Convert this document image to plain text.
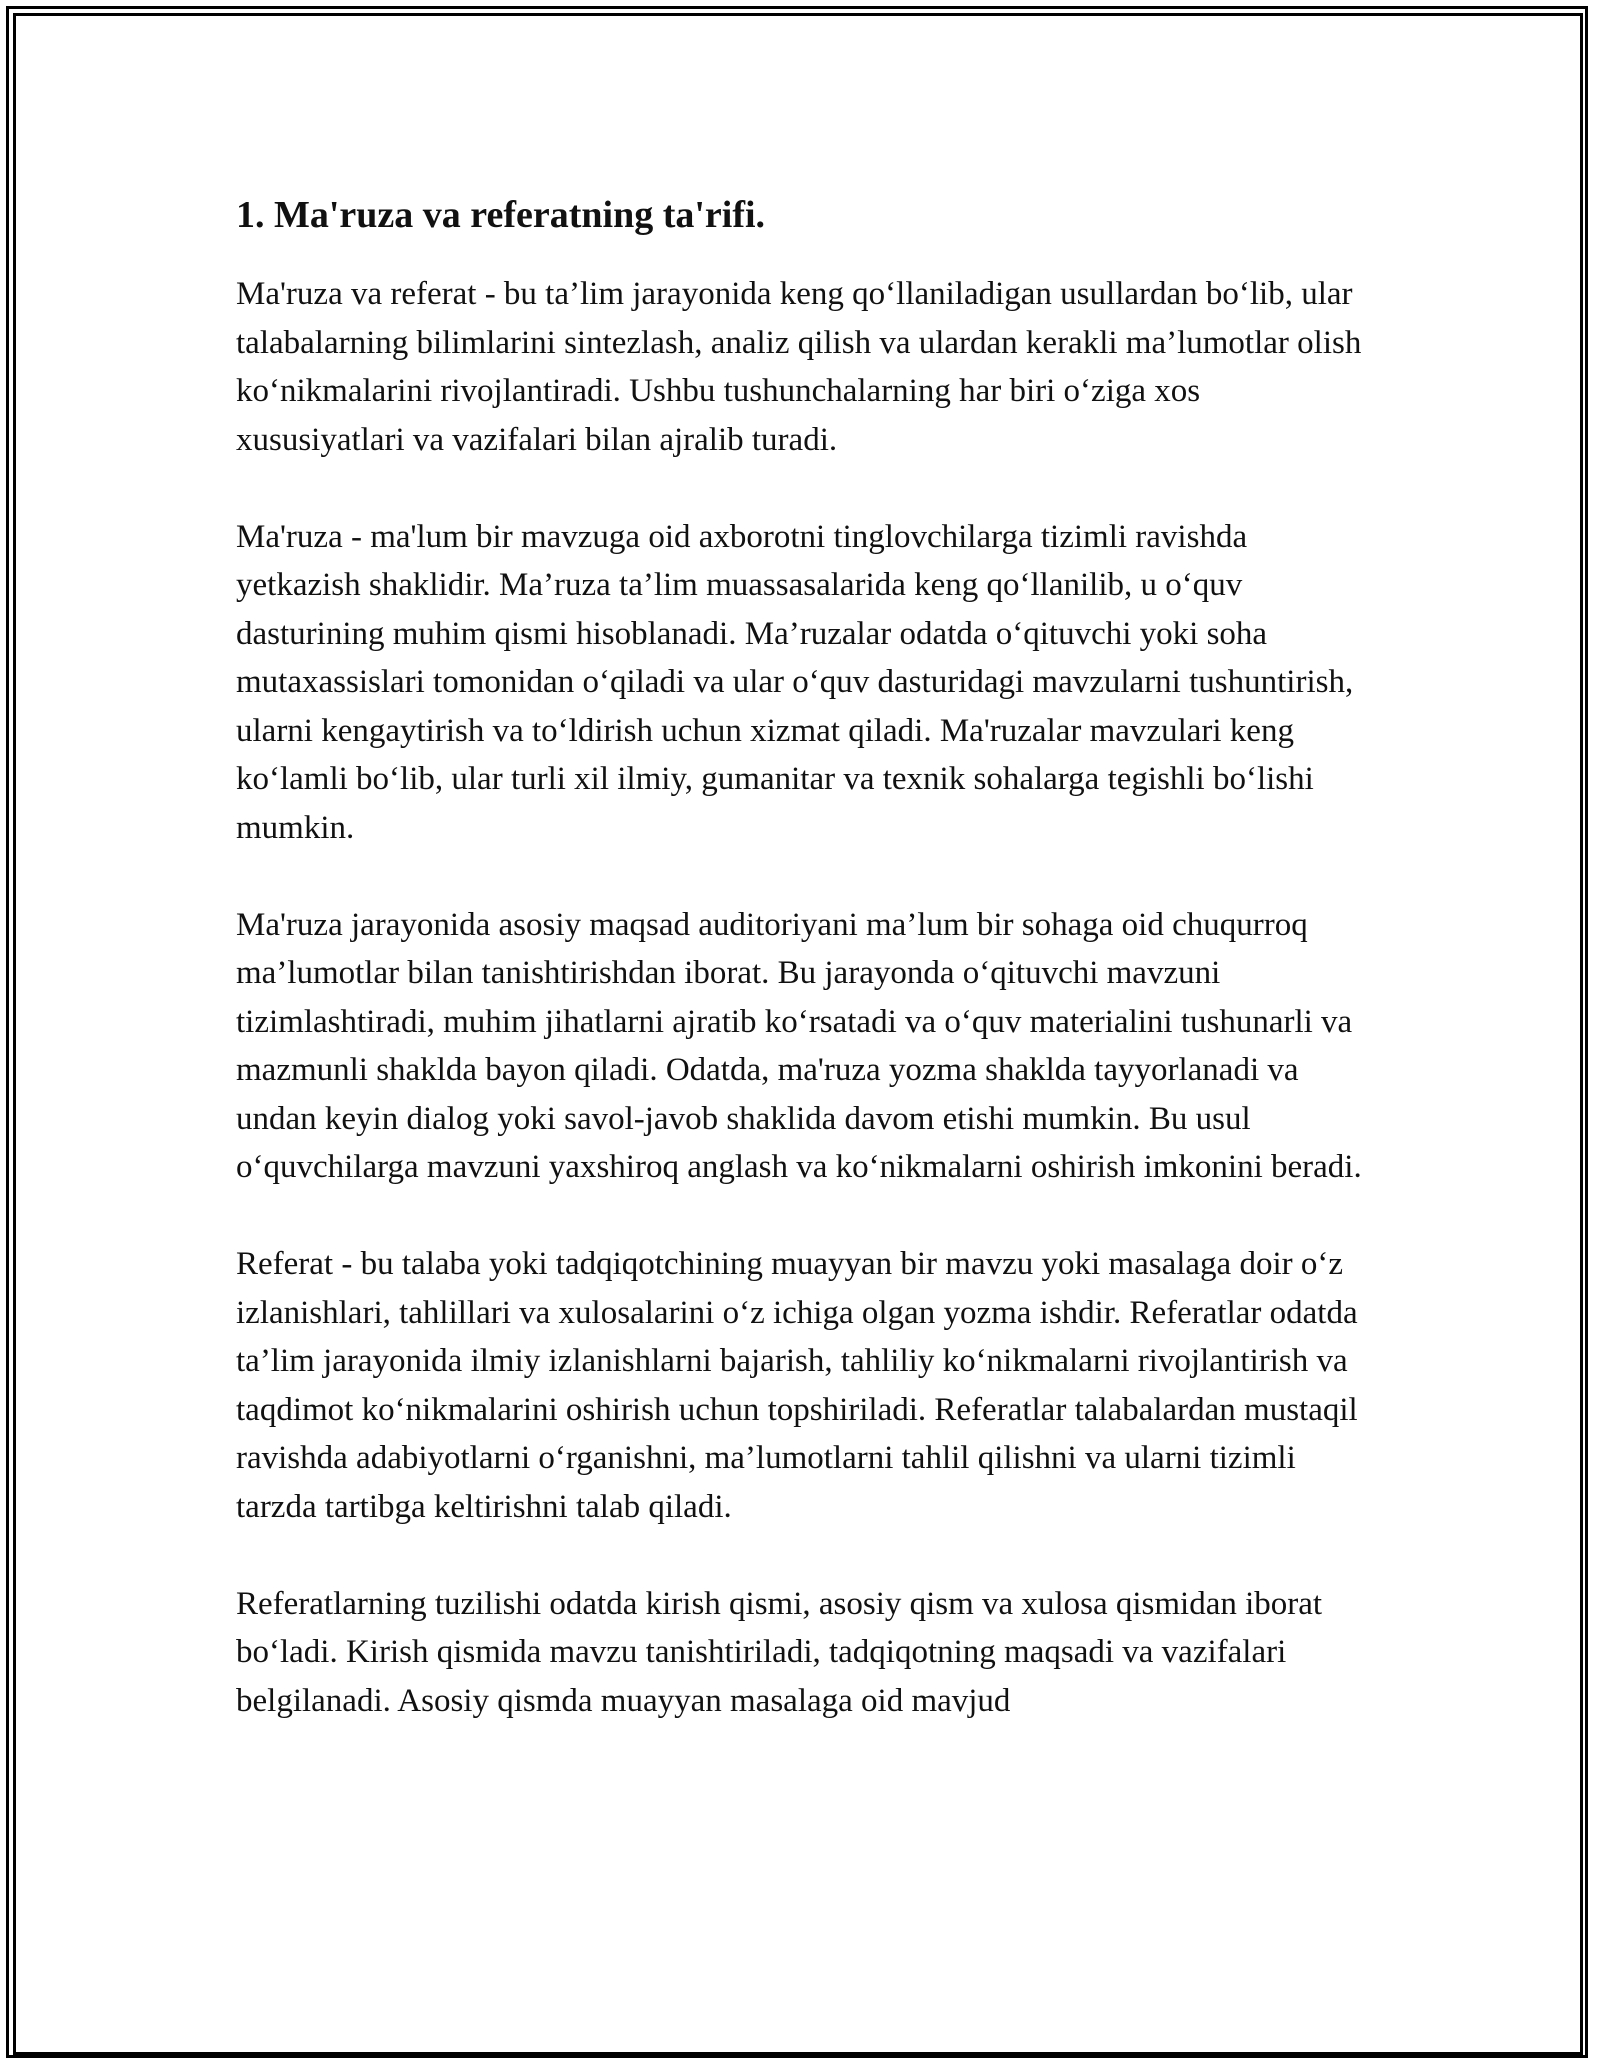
1. Ma'ruza va referatning ta'rifi.

Ma'ruza va referat - bu ta’lim jarayonida keng qo‘llaniladigan usullardan bo‘lib, ular talabalarning bilimlarini sintezlash, analiz qilish va ulardan kerakli ma’lumotlar olish ko‘nikmalarini rivojlantiradi. Ushbu tushunchalarning har biri o‘ziga xos xususiyatlari va vazifalari bilan ajralib turadi.

Ma'ruza - ma'lum bir mavzuga oid axborotni tinglovchilarga tizimli ravishda yetkazish shaklidir. Ma’ruza ta’lim muassasalarida keng qo‘llanilib, u o‘quv dasturining muhim qismi hisoblanadi. Ma’ruzalar odatda o‘qituvchi yoki soha mutaxassislari tomonidan o‘qiladi va ular o‘quv dasturidagi mavzularni tushuntirish, ularni kengaytirish va to‘ldirish uchun xizmat qiladi. Ma'ruzalar mavzulari keng ko‘lamli bo‘lib, ular turli xil ilmiy, gumanitar va texnik sohalarga tegishli bo‘lishi mumkin.

Ma'ruza jarayonida asosiy maqsad auditoriyani ma’lum bir sohaga oid chuqurroq ma’lumotlar bilan tanishtirishdan iborat. Bu jarayonda o‘qituvchi mavzuni tizimlashtiradi, muhim jihatlarni ajratib ko‘rsatadi va o‘quv materialini tushunarli va mazmunli shaklda bayon qiladi. Odatda, ma'ruza yozma shaklda tayyorlanadi va undan keyin dialog yoki savol-javob shaklida davom etishi mumkin. Bu usul o‘quvchilarga mavzuni yaxshiroq anglash va ko‘nikmalarni oshirish imkonini beradi.

Referat - bu talaba yoki tadqiqotchining muayyan bir mavzu yoki masalaga doir o‘z izlanishlari, tahlillari va xulosalarini o‘z ichiga olgan yozma ishdir. Referatlar odatda ta’lim jarayonida ilmiy izlanishlarni bajarish, tahliliy ko‘nikmalarni rivojlantirish va taqdimot ko‘nikmalarini oshirish uchun topshiriladi. Referatlar talabalardan mustaqil ravishda adabiyotlarni o‘rganishni, ma’lumotlarni tahlil qilishni va ularni tizimli tarzda tartibga keltirishni talab qiladi.

Referatlarning tuzilishi odatda kirish qismi, asosiy qism va xulosa qismidan iborat bo‘ladi. Kirish qismida mavzu tanishtiriladi, tadqiqotning maqsadi va vazifalari belgilanadi. Asosiy qismda muayyan masalaga oid mavjud
